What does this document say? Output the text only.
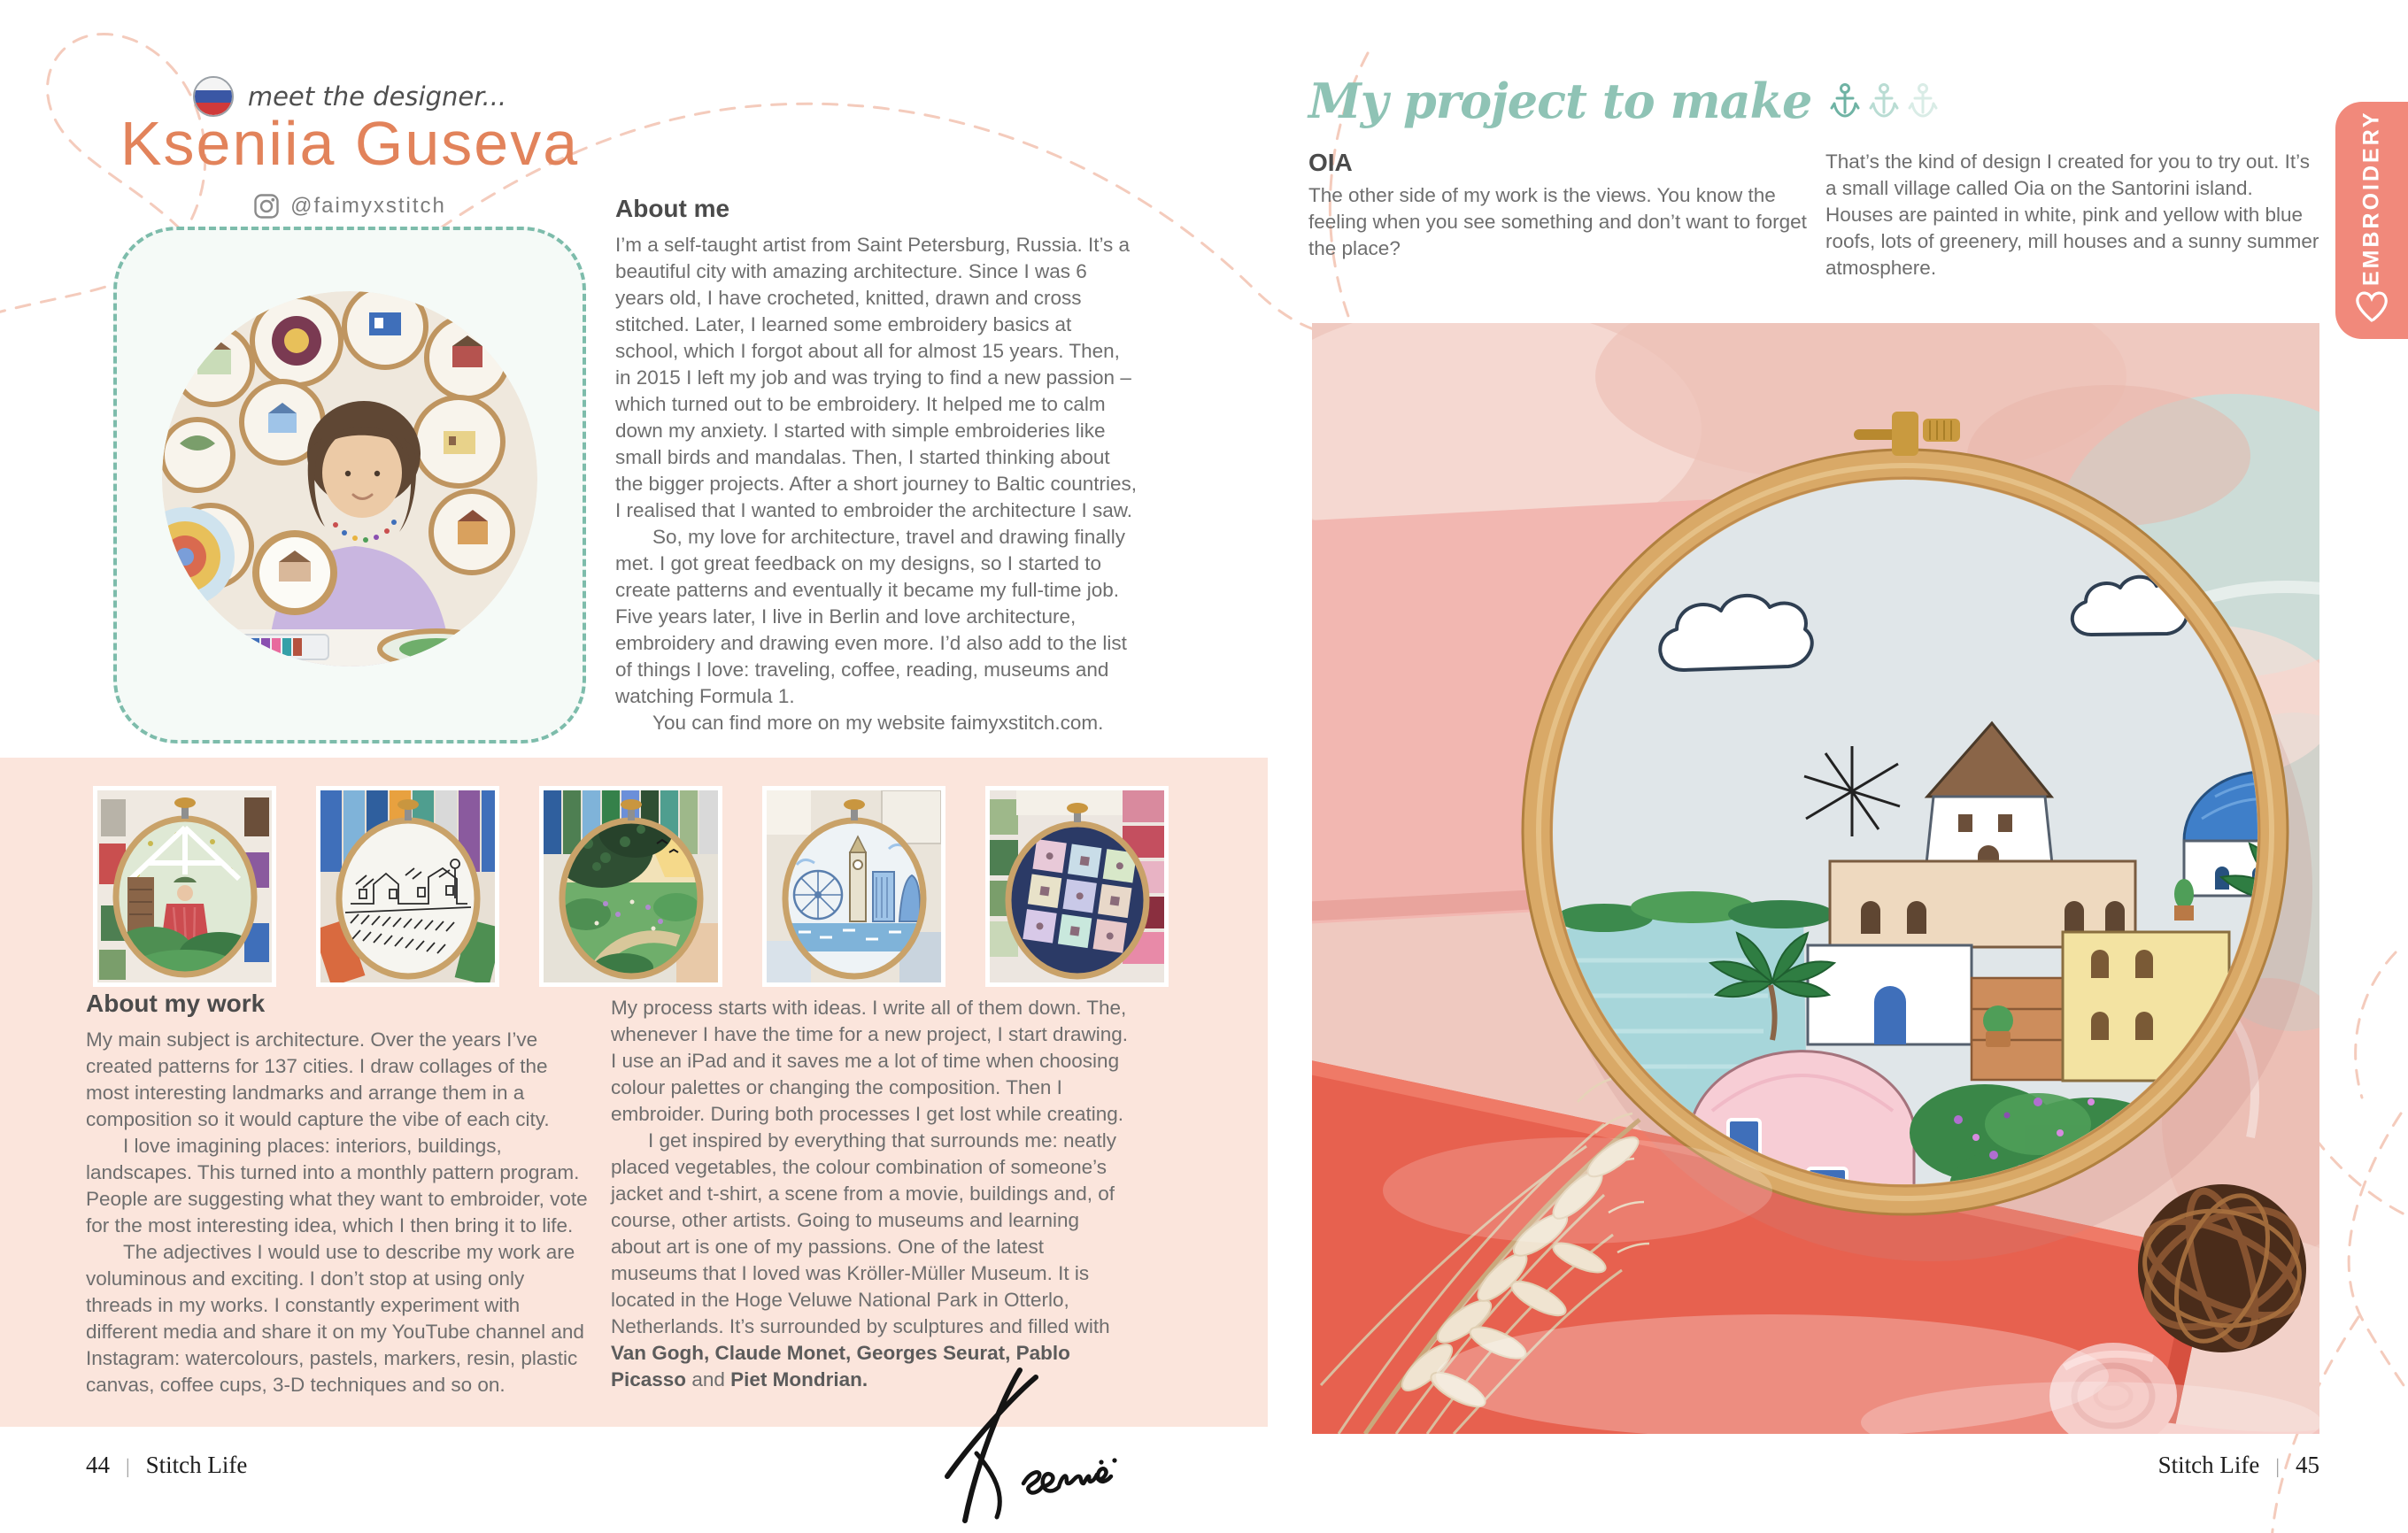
meet the designer...
Kseniia Guseva
@faimyxstitch	About me

I’m a self-taught artist from Saint Petersburg, Russia. It’s a beautiful city with amazing architecture. Since I was 6 years old, I have crocheted, knitted, drawn and cross stitched. Later, I learned some embroidery basics at school, which I forgot about all for almost 15 years. Then, in 2015 I left my job and was trying to find a new passion – which turned out to be embroidery. It helped me to calm down my anxiety. I started with simple embroideries like small birds and mandalas. Then, I started thinking about the bigger projects. After a short journey to Baltic countries, I realised that I wanted to embroider the architecture I saw.

So, my love for architecture, travel and drawing finally met. I got great feedback on my designs, so I started to create patterns and eventually it became my full-time job. Five years later, I live in Berlin and love architecture, embroidery and drawing even more. I’d also add to the list of things I love: traveling, coffee, reading, museums and watching Formula 1.

You can find more on my website faimyxstitch.com.

About my work

My main subject is architecture. Over the years I’ve created patterns for 137 cities. I draw collages of the most interesting landmarks and arrange them in a composition so it would capture the vibe of each city.

I love imagining places: interiors, buildings, landscapes. This turned into a monthly pattern program. People are suggesting what they want to embroider, vote for the most interesting idea, which I then bring it to life.

The adjectives I would use to describe my work are voluminous and exciting. I don’t stop at using only threads in my works. I constantly experiment with different media and share it on my YouTube channel and Instagram: watercolours, pastels, markers, resin, plastic canvas, coffee cups, 3-D techniques and so on.

My process starts with ideas. I write all of them down. The, whenever I have the time for a new project, I start drawing. I use an iPad and it saves me a lot of time when choosing colour palettes or changing the composition. Then I embroider. During both processes I get lost while creating.

I get inspired by everything that surrounds me: neatly placed vegetables, the colour combination of someone’s jacket and t-shirt, a scene from a movie, buildings and, of course, other artists. Going to museums and learning about art is one of my passions. One of the latest museums that I loved was Kröller-Müller Museum. It is located in the Hoge Veluwe National Park in Otterlo, Netherlands. It’s surrounded by sculptures and filled with Van Gogh, Claude Monet, Georges Seurat, Pablo Picasso and Piet Mondrian.

44 | Stitch Life
My project to make
OIA

The other side of my work is the views. You know the feeling when you see something and don’t want to forget the place?

That’s the kind of design I created for you to try out. It’s a small village called Oia on the Santorini island. Houses are painted in white, pink and yellow with blue roofs, lots of greenery, mill houses and a sunny summer atmosphere.	EMBROIDERY
Stitch Life | 45
